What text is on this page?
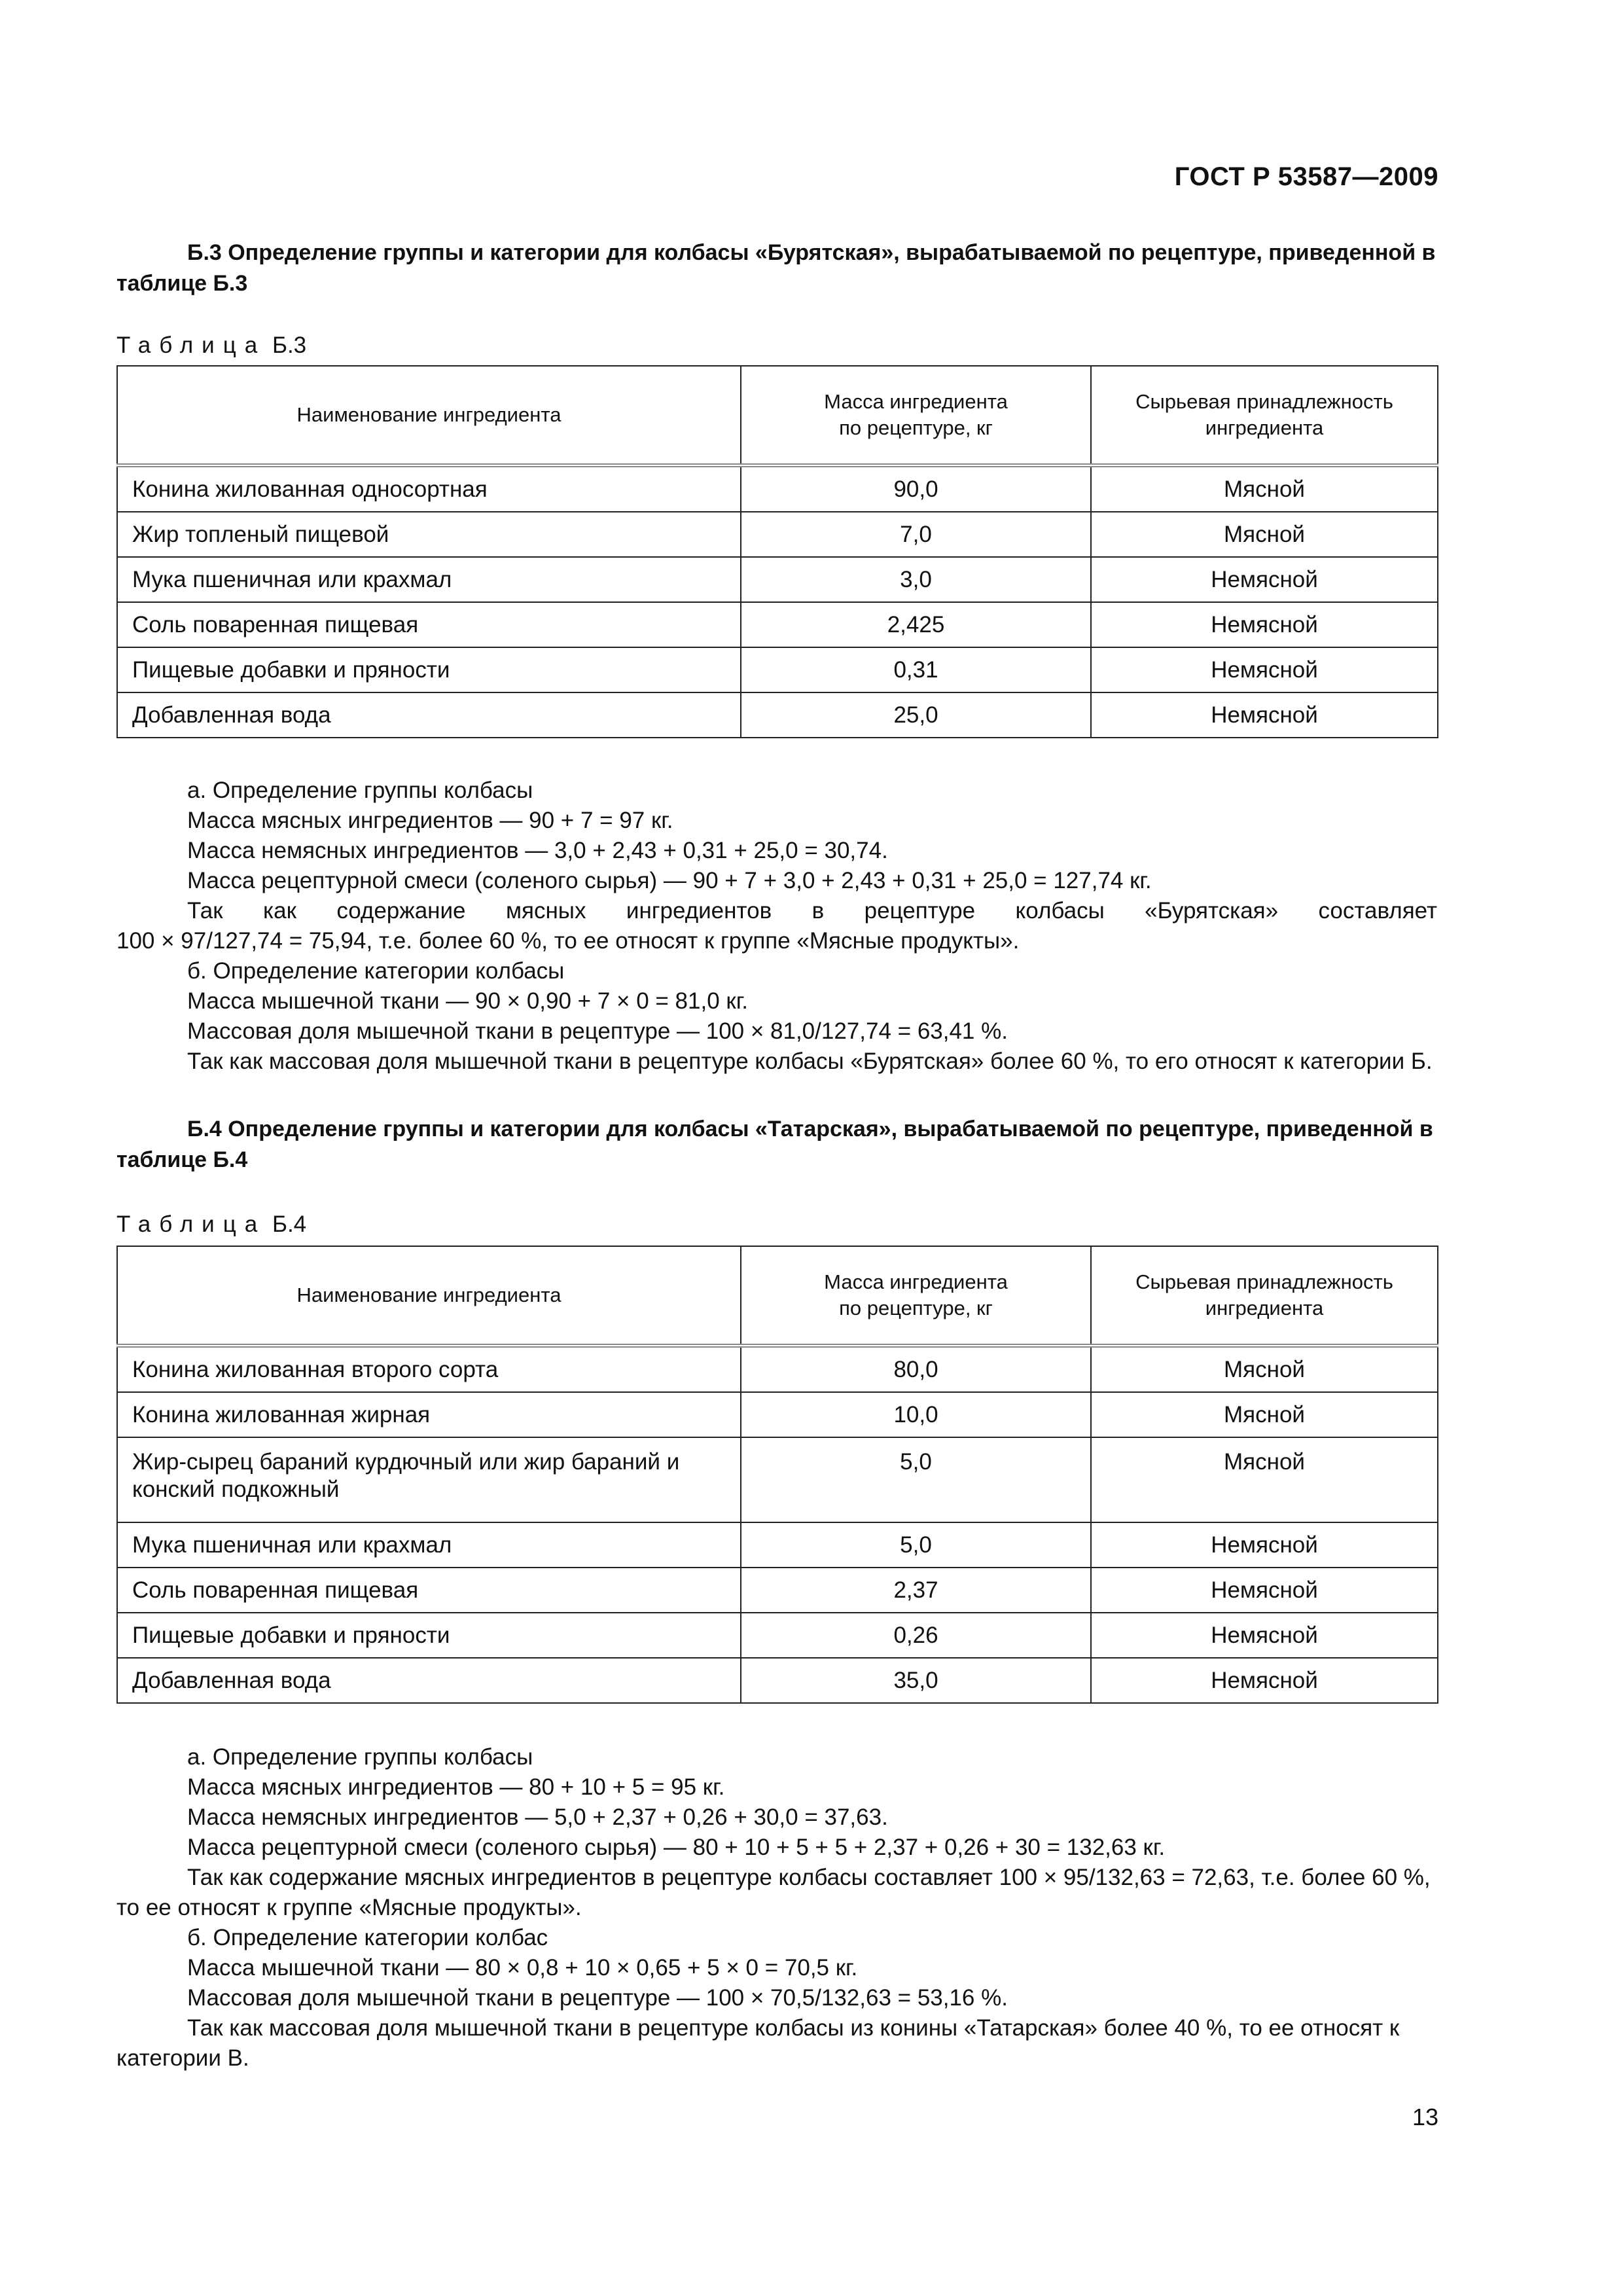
ГОСТ Р 53587—2009
Б.3 Определение группы и категории для колбасы «Бурятская», вырабатываемой по рецептуре, приведенной в таблице Б.3
Таблица Б.3
Наименование ингредиента	Масса ингредиента по рецептуре, кг	Сырьевая принадлежность ингредиента

Конина жилованная односортная	90,0	Мясной
Жир топленый пищевой	7,0	Мясной
Мука пшеничная или крахмал	3,0	Немясной
Соль поваренная пищевая	2,425	Немясной
Пищевые добавки и пряности	0,31	Немясной
Добавленная вода	25,0	Немясной

а. Определение группы колбасы

Масса мясных ингредиентов — 90 + 7 = 97 кг.

Масса немясных ингредиентов — 3,0 + 2,43 + 0,31 + 25,0 = 30,74.

Масса рецептурной смеси (соленого сырья) — 90 + 7 + 3,0 + 2,43 + 0,31 + 25,0 = 127,74 кг.

Так как содержание мясных ингредиентов в рецептуре колбасы «Бурятская» составляет

100 × 97/127,74 = 75,94, т.е. более 60 %, то ее относят к группе «Мясные продукты».

б. Определение категории колбасы

Масса мышечной ткани — 90 × 0,90 + 7 × 0 = 81,0 кг.

Массовая доля мышечной ткани в рецептуре — 100 × 81,0/127,74 = 63,41 %.

Так как массовая доля мышечной ткани в рецептуре колбасы «Бурятская» более 60 %, то его относят к категории Б.

Б.4 Определение группы и категории для колбасы «Татарская», вырабатываемой по рецептуре, приведенной в таблице Б.4
Таблица Б.4
Наименование ингредиента	Масса ингредиента по рецептуре, кг	Сырьевая принадлежность ингредиента

Конина жилованная второго сорта	80,0	Мясной
Конина жилованная жирная	10,0	Мясной
Жир-сырец бараний курдючный или жир бараний и конский подкожный	5,0	Мясной
Мука пшеничная или крахмал	5,0	Немясной
Соль поваренная пищевая	2,37	Немясной
Пищевые добавки и пряности	0,26	Немясной
Добавленная вода	35,0	Немясной

а. Определение группы колбасы

Масса мясных ингредиентов — 80 + 10 + 5 = 95 кг.

Масса немясных ингредиентов — 5,0 + 2,37 + 0,26 + 30,0 = 37,63.

Масса рецептурной смеси (соленого сырья) — 80 + 10 + 5 + 5 + 2,37 + 0,26 + 30 = 132,63 кг.

Так как содержание мясных ингредиентов в рецептуре колбасы составляет 100 × 95/132,63 = 72,63, т.е. более 60 %, то ее относят к группе «Мясные продукты».

б. Определение категории колбас

Масса мышечной ткани — 80 × 0,8 + 10 × 0,65 + 5 × 0 = 70,5 кг.

Массовая доля мышечной ткани в рецептуре — 100 × 70,5/132,63 = 53,16 %.

Так как массовая доля мышечной ткани в рецептуре колбасы из конины «Татарская» более 40 %, то ее относят к категории В.

13
